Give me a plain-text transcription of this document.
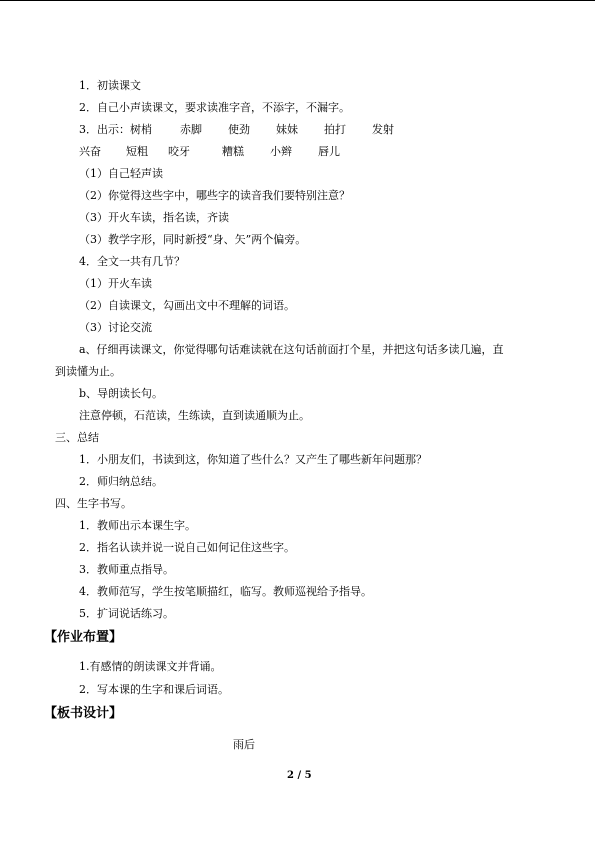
1．初读课文
2．自己小声读课文，要求读准字音，不添字，不漏字。
3．出示： 树梢	赤脚 使劲 妹妹 拍打 发射
兴奋 短粗 咬牙	糟糕 小辫 唇儿
（1）自己轻声读
（2）你觉得这些字中，哪些字的读音我们要特别注意？
（3）开火车读，指名读，齐读
（3）教学字形，同时新授“身、矢”两个偏旁。
4．全文一共有几节？
（1）开火车读
（2）自读课文，勾画出文中不理解的词语。
（3）讨论交流
a、仔细再读课文，你觉得哪句话难读就在这句话前面打个星，并把这句话多读几遍，直
到读懂为止。
b、导朗读长句。
注意停顿，石范读，生练读，直到读通顺为止。
三、总结
1．小朋友们，书读到这，你知道了些什么？又产生了哪些新年问题那？
2．师归纳总结。
四、生字书写。
1．教师出示本课生字。
2．指名认读并说一说自己如何记住这些字。
3．教师重点指导。
4．教师范写，学生按笔顺描红，临写。教师巡视给予指导。
5．扩词说话练习。
【作业布置】
1.有感情的朗读课文并背诵。
2．写本课的生字和课后词语。
【板书设计】
雨后
2 / 5
